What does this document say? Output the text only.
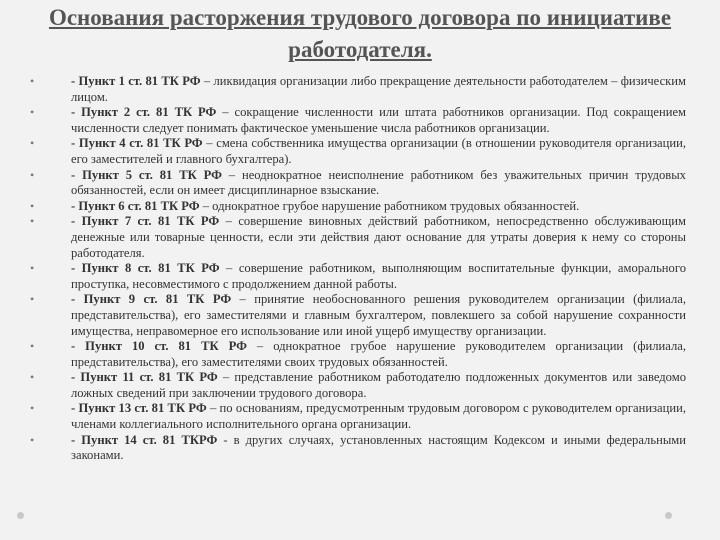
Основания расторжения трудового договора по инициативе работодателя.
•	- Пункт 1 ст. 81 ТК РФ – ликвидация организации либо прекращение деятельности работодателем – физическим лицом.
•	- Пункт 2 ст. 81 ТК РФ – сокращение численности или штата работников организации. Под сокращением численности следует понимать фактическое уменьшение числа работников организации.
•	- Пункт 4 ст. 81 ТК РФ – смена собственника имущества организации (в отношении руководителя организации, его заместителей и главного бухгалтера).
•	- Пункт 5 ст. 81 ТК РФ – неоднократное неисполнение работником без уважительных причин трудовых обязанностей, если он имеет дисциплинарное взыскание.
•	- Пункт 6 ст. 81 ТК РФ – однократное грубое нарушение работником трудовых обязанностей.
•	- Пункт 7 ст. 81 ТК РФ – совершение виновных действий работником, непосредственно обслуживающим денежные или товарные ценности, если эти действия дают основание для утраты доверия к нему со стороны работодателя.
•	- Пункт 8 ст. 81 ТК РФ – совершение работником, выполняющим воспитательные функции, аморального проступка, несовместимого с продолжением данной работы.
•	- Пункт 9 ст. 81 ТК РФ – принятие необоснованного решения руководителем организации (филиала, представительства), его заместителями и главным бухгалтером, повлекшего за собой нарушение сохранности имущества, неправомерное его использование или иной ущерб имуществу организации.
•	- Пункт 10 ст. 81 ТК РФ – однократное грубое нарушение руководителем организации (филиала, представительства), его заместителями своих трудовых обязанностей.
•	- Пункт 11 ст. 81 ТК РФ – представление работником работодателю подложенных документов или заведомо ложных сведений при заключении трудового договора.
•	- Пункт 13 ст. 81 ТК РФ – по основаниям, предусмотренным трудовым договором с руководителем организации, членами коллегиального исполнительного органа организации.
•	- Пункт 14 ст. 81 ТКРФ - в других случаях, установленных настоящим Кодексом и иными федеральными законами.
